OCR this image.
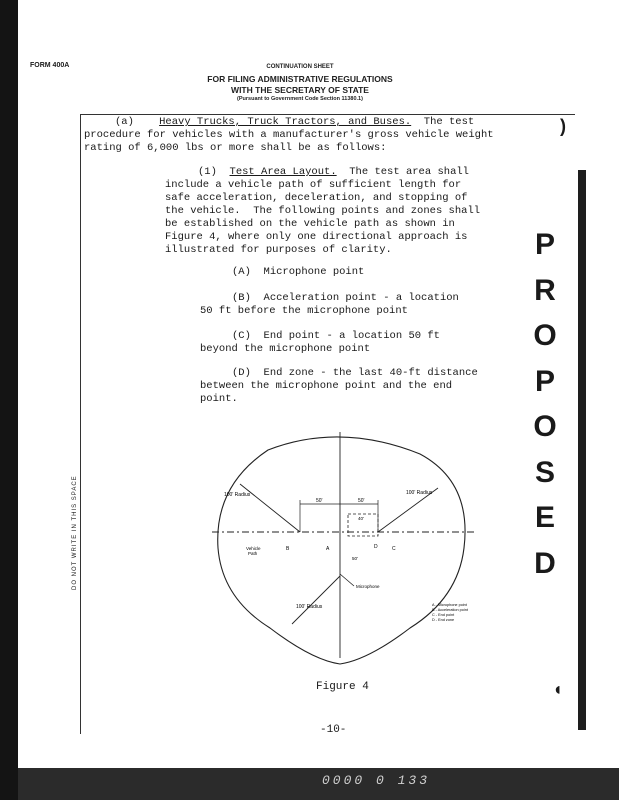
FORM 400A	CONTINUATION SHEET
FOR FILING ADMINISTRATIVE REGULATIONS
WITH THE SECRETARY OF STATE
(Pursuant to Government Code Section 11380.1)
DO NOT WRITE IN THIS SPACE
(a) Heavy Trucks, Truck Tractors, and Buses. The test
procedure for vehicles with a manufacturer's gross vehicle weight
rating of 6,000 lbs or more shall be as follows:
)
(1) Test Area Layout. The test area shall
include a vehicle path of sufficient length for
safe acceleration, deceleration, and stopping of
the vehicle.  The following points and zones shall
be established on the vehicle path as shown in
Figure 4, where only one directional approach is
illustrated for purposes of clarity.
(A) Microphone point
(B) Acceleration point - a location
50 ft before the microphone point
(C) End point - a location 50 ft
beyond the microphone point
(D) End zone - the last 40-ft distance
between the microphone point and the end
point.
P
R
O
P
O
S
E
D
100' Radius	100' Radius
100' Radius
50'	50'
40'
50'
Vehicle Path
Microphone
B	A	D	C
A - Microphone point
B - Acceleration point
C - End point
D - End zone
Figure 4	◖
-10-
0000 0 133
